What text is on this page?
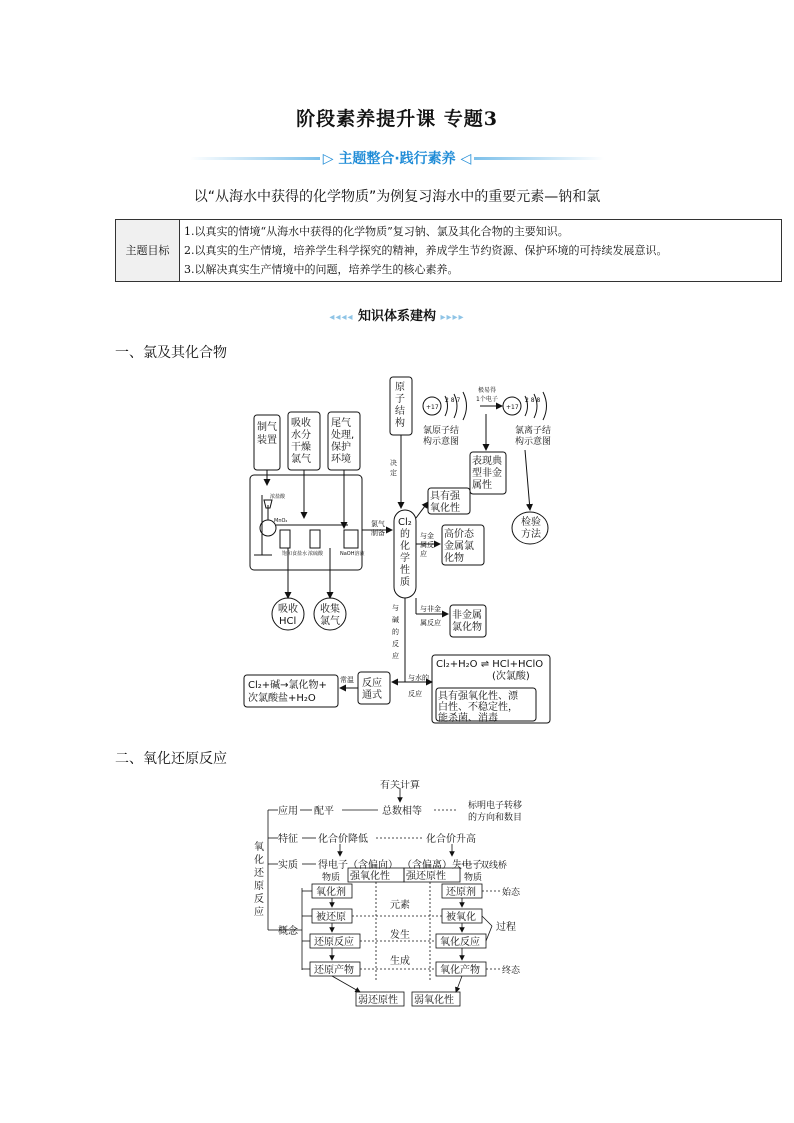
阶段素养提升课 专题3
▷ 主题整合·践行素养 ◁
以“从海水中获得的化学物质”为例复习海水中的重要元素—钠和氯
主题目标	
1.以真实的情境“从海水中获得的化学物质”复习钠、氯及其化合物的主要知识。
2.以真实的生产情境，培养学生科学探究的精神，养成学生节约资源、保护环境的可持续发展意识。
3.以解决真实生产情境中的问题，培养学生的核心素养。
◂◂◂◂ 知识体系建构 ▸▸▸▸
一、氯及其化合物
制气装置
吸收水分干燥氯气
尾气处理,保护环境
原子结构
Cl₂ 的化学性质
决定
氯气制备	与金属反应
与非金属反应
与碱的反应
与水的反应
常温
具有强氧化性
高价态金属氯化物
非金属氯化物
Cl₂+H₂O ⇌ HCl+HClO
(次氯酸)
具有强氧化性、漂白性、不稳定性，能杀菌、消毒
反应通式
Cl₂+碱→氯化物+次氯酸盐+H₂O
吸收 HCl
收集氯气
+17	+17
2 8 7	2 8 8
极易得 1个电子
氯原子结构示意图
氯离子结构示意图
表现典型非金属性
检验方法
饱和食盐水 浓硫酸	NaOH溶液
浓盐酸
MnO₂
二、氧化还原反应
氧化还原反应
应用
特征
实质
概念
有关计算
配平	总数相等	标明电子转移的方向和数目
化合价降低	化合价升高
得电子（含偏向） （含偏离）失电子
双线桥
物质	物质
强氧化性 强还原性
氧化剂	还原剂	始态
元素
被还原	被氧化
过程
发生
还原反应	氧化反应
生成
还原产物	氧化产物 终态
弱还原性 弱氧化性
